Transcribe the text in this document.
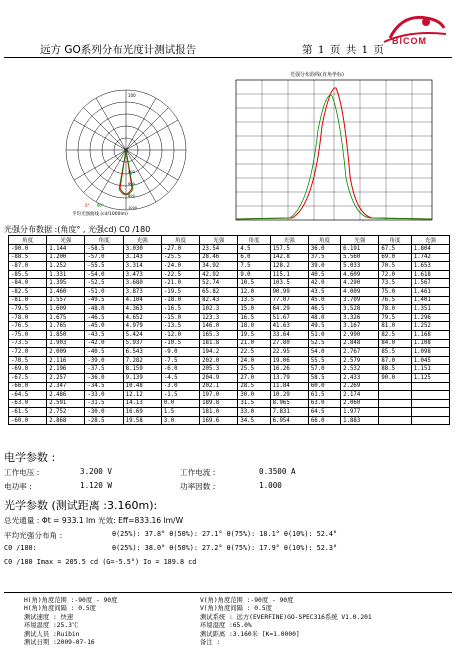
BICOM
远方 GO系列分布光度计测试报告	第 1 页 共 1 页
100
1000
800
600
400
0° 90°
平均光强曲线 (cd/1000lm)
光强分布曲线(直角坐标)
光强分布数据 :(角度° , 光强cd) C0 /180
角度	光强	角度	光强	角度	光强	角度	光强	角度	光强	角度	光强
-90.0	1.144	-58.5	3.030	-27.0	23.54	4.5	157.5	36.0	6.191	67.5	1.804
-88.5	1.200	-57.0	3.143	-25.5	28.46	6.0	142.8	37.5	5.560	69.0	1.742
-87.0	1.252	-55.5	3.314	-24.0	34.92	7.5	128.2	39.0	5.033	70.5	1.653
-85.5	1.331	-54.0	3.473	-22.5	42.92	9.0	115.1	40.5	4.609	72.0	1.618
-84.0	1.395	-52.5	3.680	-21.0	52.74	10.5	103.5	42.0	4.290	73.5	1.567
-82.5	1.460	-51.0	3.873	-19.5	65.82	12.0	90.99	43.5	4.009	75.0	1.461
-81.0	1.557	-49.5	4.104	-18.0	82.43	13.5	77.07	45.0	3.709	76.5	1.401
-79.5	1.609	-48.0	4.363	-16.5	102.3	15.0	64.29	46.5	3.528	78.0	1.351
-78.0	1.675	-46.5	4.652	-15.0	123.3	16.5	51.67	48.0	3.326	79.5	1.296
-76.5	1.765	-45.0	4.979	-13.5	146.0	18.0	41.63	49.5	3.167	81.0	1.252
-75.0	1.850	-43.5	5.424	-12.0	165.3	19.5	33.64	51.0	2.990	82.5	1.168
-73.5	1.903	-42.0	5.937	-10.5	181.8	21.0	27.80	52.5	2.848	84.0	1.108
-72.0	2.009	-40.5	6.543	-9.0	194.2	22.5	22.95	54.0	2.767	85.5	1.098
-70.5	2.116	-39.0	7.282	-7.5	202.0	24.0	19.06	55.5	2.579	87.0	1.045
-69.0	2.196	-37.5	8.159	-6.0	205.3	25.5	16.26	57.0	2.532	88.5	1.151
-67.5	2.257	-36.0	9.139	-4.5	204.9	27.0	13.79	58.5	2.433	90.0	1.125
-66.0	2.347	-34.5	10.48	-3.0	202.1	28.5	11.84	60.0	2.269		
-64.5	2.486	-33.0	12.12	-1.5	197.0	30.0	10.29	61.5	2.174		
-63.0	2.591	-31.5	14.13	0.0	189.8	31.5	8.965	63.0	2.060		
-61.5	2.752	-30.0	16.69	1.5	181.0	33.0	7.831	64.5	1.977		
-60.0	2.868	-28.5	19.58	3.0	169.6	34.5	6.954	66.0	1.883		
电学参数 :
工作电压 :	3.200 V	工作电流 :	0.3500 A
电功率 :	1.120 W	功率因数 :	1.000
光学参数 (测试距离 :3.160m):
总光通量 : Φt = 933.1 lm 光效: Eff=833.16 lm/W
平均光强分布角 :	θ(25%): 37.8° θ(50%): 27.1° θ(75%): 18.1° θ(10%): 52.4°
C0 /180:	θ(25%): 38.0° θ(50%): 27.2° θ(75%): 17.9° θ(10%): 52.3°
C0 /180 Imax = 205.5 cd (G=-5.5°) Io = 189.8 cd
H(角)角度范围 :-90度 - 90度
H(角)角度间隔 : 0.5度
测试速度 : 快速
环境温度 :25.3℃
测试人员 :Ruibin
测试日期 :2009-07-16
V(角)角度范围 :-90度 - 90度
V(角)角度间隔 : 0.5度
测试系统 : 远方(EVERFINE)GO-SPEC316系统 V1.0.201
环境湿度 :65.0%
测试距离 :3.160米 [K=1.0000]
备注 :
